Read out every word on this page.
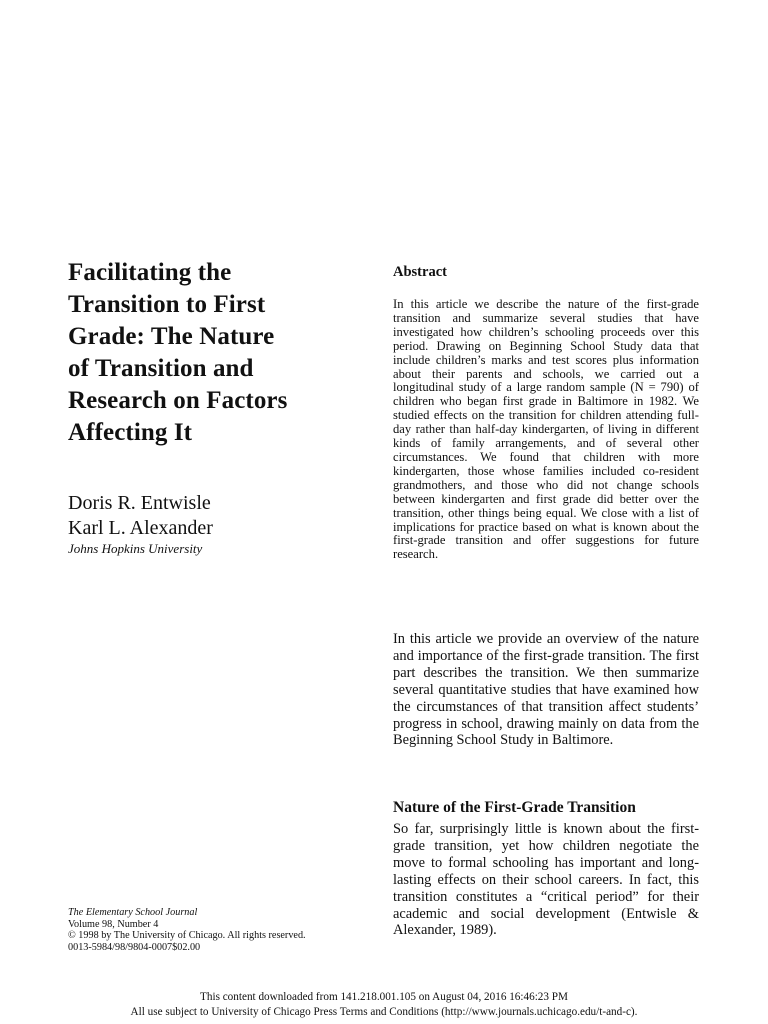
Facilitating the
Transition to First
Grade: The Nature
of Transition and
Research on Factors
Affecting It
Doris R. Entwisle
Karl L. Alexander
Johns Hopkins University
The Elementary School Journal
Volume 98, Number 4
© 1998 by The University of Chicago. All rights reserved.
0013-5984/98/9804-0007$02.00
Abstract

In this article we describe the nature of the first-grade transition and summarize several studies that have investigated how children’s schooling proceeds over this period. Drawing on Beginning School Study data that include children’s marks and test scores plus information about their parents and schools, we carried out a longitudinal study of a large random sample (N = 790) of children who began first grade in Baltimore in 1982. We studied effects on the transition for children attending full-day rather than half-day kindergarten, of living in different kinds of family arrangements, and of several other circumstances. We found that children with more kindergarten, those whose families included co-resident grandmothers, and those who did not change schools between kindergarten and first grade did better over the transition, other things being equal. We close with a list of implications for practice based on what is known about the first-grade transition and offer suggestions for future research.

In this article we provide an overview of the nature and importance of the first-grade transition. The first part describes the transition. We then summarize several quantitative studies that have examined how the circumstances of that transition affect students’ progress in school, drawing mainly on data from the Beginning School Study in Baltimore.

Nature of the First-Grade Transition

So far, surprisingly little is known about the first-grade transition, yet how children negotiate the move to formal schooling has important and long-lasting effects on their school careers. In fact, this transition constitutes a “critical period” for their academic and social development (Entwisle & Alexander, 1989).

This content downloaded from 141.218.001.105 on August 04, 2016 16:46:23 PM
All use subject to University of Chicago Press Terms and Conditions (http://www.journals.uchicago.edu/t-and-c).
